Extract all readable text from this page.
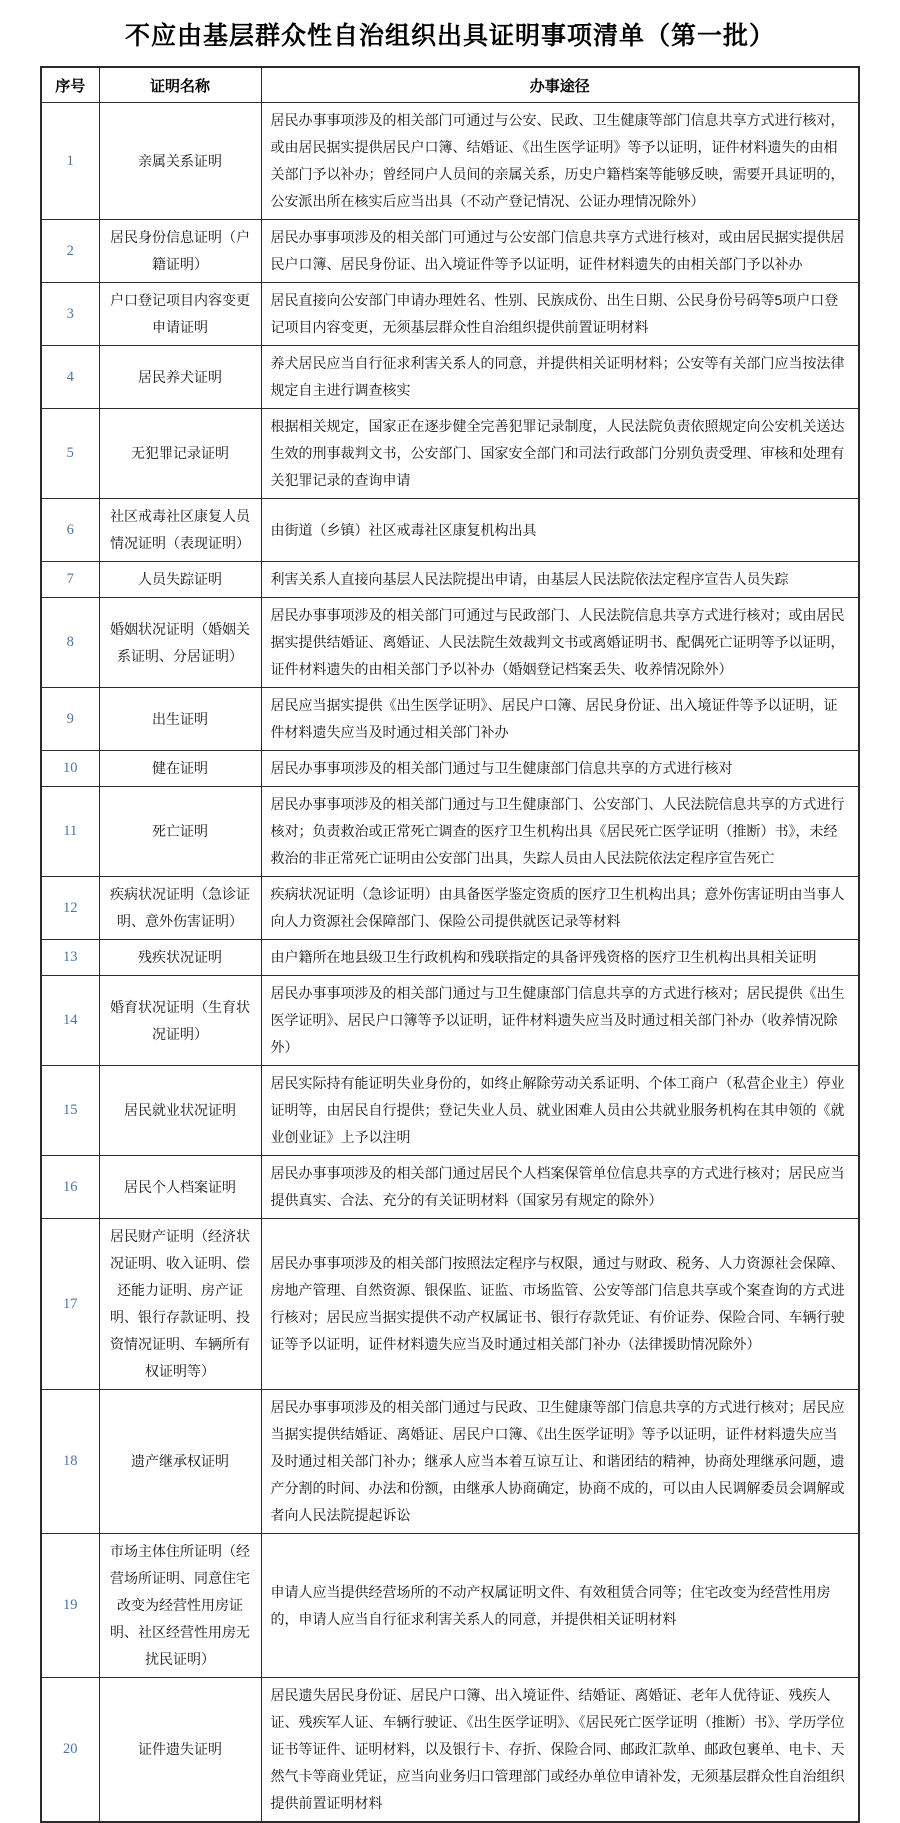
不应由基层群众性自治组织出具证明事项清单（第一批）
序号	证明名称	办事途径
1	亲属关系证明	居民办事事项涉及的相关部门可通过与公安、民政、卫生健康等部门信息共享方式进行核对，或由居民据实提供居民户口簿、结婚证、《出生医学证明》等予以证明，证件材料遗失的由相关部门予以补办；曾经同户人员间的亲属关系，历史户籍档案等能够反映，需要开具证明的，公安派出所在核实后应当出具（不动产登记情况、公证办理情况除外）
2	居民身份信息证明（户籍证明）	居民办事事项涉及的相关部门可通过与公安部门信息共享方式进行核对，或由居民据实提供居民户口簿、居民身份证、出入境证件等予以证明，证件材料遗失的由相关部门予以补办
3	户口登记项目内容变更申请证明	居民直接向公安部门申请办理姓名、性别、民族成份、出生日期、公民身份号码等5项户口登记项目内容变更，无须基层群众性自治组织提供前置证明材料
4	居民养犬证明	养犬居民应当自行征求利害关系人的同意，并提供相关证明材料；公安等有关部门应当按法律规定自主进行调查核实
5	无犯罪记录证明	根据相关规定，国家正在逐步健全完善犯罪记录制度，人民法院负责依照规定向公安机关送达生效的刑事裁判文书，公安部门、国家安全部门和司法行政部门分别负责受理、审核和处理有关犯罪记录的查询申请
6	社区戒毒社区康复人员情况证明（表现证明）	由街道（乡镇）社区戒毒社区康复机构出具
7	人员失踪证明	利害关系人直接向基层人民法院提出申请，由基层人民法院依法定程序宣告人员失踪
8	婚姻状况证明（婚姻关系证明、分居证明）	居民办事事项涉及的相关部门可通过与民政部门、人民法院信息共享方式进行核对；或由居民据实提供结婚证、离婚证、人民法院生效裁判文书或离婚证明书、配偶死亡证明等予以证明，证件材料遗失的由相关部门予以补办（婚姻登记档案丢失、收养情况除外）
9	出生证明	居民应当据实提供《出生医学证明》、居民户口簿、居民身份证、出入境证件等予以证明，证件材料遗失应当及时通过相关部门补办
10	健在证明	居民办事事项涉及的相关部门通过与卫生健康部门信息共享的方式进行核对
11	死亡证明	居民办事事项涉及的相关部门通过与卫生健康部门、公安部门、人民法院信息共享的方式进行核对；负责救治或正常死亡调查的医疗卫生机构出具《居民死亡医学证明（推断）书》，未经救治的非正常死亡证明由公安部门出具，失踪人员由人民法院依法定程序宣告死亡
12	疾病状况证明（急诊证明、意外伤害证明）	疾病状况证明（急诊证明）由具备医学鉴定资质的医疗卫生机构出具；意外伤害证明由当事人向人力资源社会保障部门、保险公司提供就医记录等材料
13	残疾状况证明	由户籍所在地县级卫生行政机构和残联指定的具备评残资格的医疗卫生机构出具相关证明
14	婚育状况证明（生育状况证明）	居民办事事项涉及的相关部门通过与卫生健康部门信息共享的方式进行核对；居民提供《出生医学证明》、居民户口簿等予以证明，证件材料遗失应当及时通过相关部门补办（收养情况除外）
15	居民就业状况证明	居民实际持有能证明失业身份的，如终止解除劳动关系证明、个体工商户（私营企业主）停业证明等，由居民自行提供；登记失业人员、就业困难人员由公共就业服务机构在其申领的《就业创业证》上予以注明
16	居民个人档案证明	居民办事事项涉及的相关部门通过居民个人档案保管单位信息共享的方式进行核对；居民应当提供真实、合法、充分的有关证明材料（国家另有规定的除外）
17	居民财产证明（经济状况证明、收入证明、偿还能力证明、房产证明、银行存款证明、投资情况证明、车辆所有权证明等）	居民办事事项涉及的相关部门按照法定程序与权限，通过与财政、税务、人力资源社会保障、房地产管理、自然资源、银保监、证监、市场监管、公安等部门信息共享或个案查询的方式进行核对；居民应当据实提供不动产权属证书、银行存款凭证、有价证券、保险合同、车辆行驶证等予以证明，证件材料遗失应当及时通过相关部门补办（法律援助情况除外）
18	遗产继承权证明	居民办事事项涉及的相关部门通过与民政、卫生健康等部门信息共享的方式进行核对；居民应当据实提供结婚证、离婚证、居民户口簿、《出生医学证明》等予以证明，证件材料遗失应当及时通过相关部门补办；继承人应当本着互谅互让、和谐团结的精神，协商处理继承问题，遗产分割的时间、办法和份额，由继承人协商确定，协商不成的，可以由人民调解委员会调解或者向人民法院提起诉讼
19	市场主体住所证明（经营场所证明、同意住宅改变为经营性用房证明、社区经营性用房无扰民证明）	申请人应当提供经营场所的不动产权属证明文件、有效租赁合同等；住宅改变为经营性用房的，申请人应当自行征求利害关系人的同意，并提供相关证明材料
20	证件遗失证明	居民遗失居民身份证、居民户口簿、出入境证件、结婚证、离婚证、老年人优待证、残疾人证、残疾军人证、车辆行驶证、《出生医学证明》、《居民死亡医学证明（推断）书》、学历学位证书等证件、证明材料，以及银行卡、存折、保险合同、邮政汇款单、邮政包裹单、电卡、天然气卡等商业凭证，应当向业务归口管理部门或经办单位申请补发，无须基层群众性自治组织提供前置证明材料
